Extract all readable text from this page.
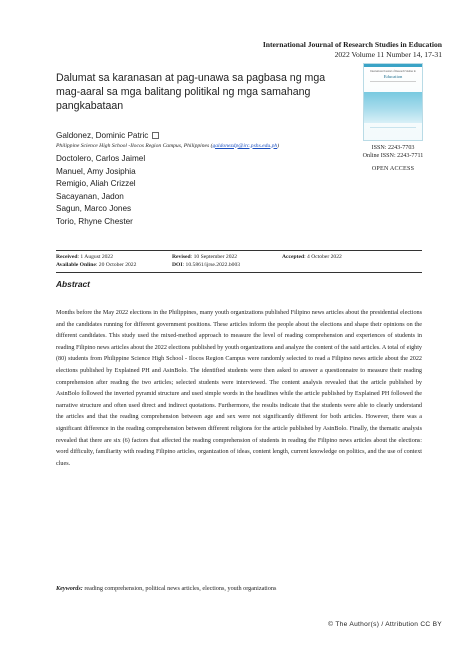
International Journal of Research Studies in Education
2022 Volume 11 Number 14, 17-31
Dalumat sa karanasan at pag-unawa sa pagbasa ng mga mag-aaral sa mga balitang politikal ng mga samahang pangkabataan
International Journal of Research Studies in
Education
ISSN: 2243-7703
Online ISSN: 2243-7711
OPEN ACCESS
Galdonez, Dominic Patric
Philippine Science High School -Ilocos Region Campus, Philippines (galdonezdp@irc.pshs.edu.ph)
Doctolero, Carlos Jaimel
Manuel, Amy Josiphia
Remigio, Aliah Crizzel
Sacayanan, Jadon
Sagun, Marco Jones
Torio, Rhyne Chester
Received: 1 August 2022	Revised: 10 September 2022	Accepted: 4 October 2022
Available Online: 20 October 2022	DOI: 10.5861/ijrse.2022.b003
Abstract

Months before the May 2022 elections in the Philippines, many youth organizations published Filipino news articles about the presidential elections and the candidates running for different government positions. These articles inform the people about the elections and shape their opinions on the different candidates. This study used the mixed-method approach to measure the level of reading comprehension and experiences of students in reading Filipino news articles about the 2022 elections published by youth organizations and analyze the content of the said articles. A total of eighty (80) students from Philippine Science High School - Ilocos Region Campus were randomly selected to read a Filipino news article about the 2022 elections published by Explained PH and AsinBolo. The identified students were then asked to answer a questionnaire to measure their reading comprehension after reading the two articles; selected students were interviewed. The content analysis revealed that the article published by AsinBolo followed the inverted pyramid structure and used simple words in the headlines while the article published by Explained PH followed the narrative structure and often used direct and indirect quotations. Furthermore, the results indicate that the students were able to clearly understand the articles and that the reading comprehension between age and sex were not significantly different for both articles. However, there was a significant difference in the reading comprehension between different religions for the article published by AsinBolo. Finally, the thematic analysis revealed that there are six (6) factors that affected the reading comprehension of students in reading the Filipino news articles about the elections: word difficulty, familiarity with reading Filipino articles, organization of ideas, content length, current knowledge on politics, and the use of context clues.

Keywords: reading comprehension, political news articles, elections, youth organizations

© The Author(s) / Attribution CC BY
